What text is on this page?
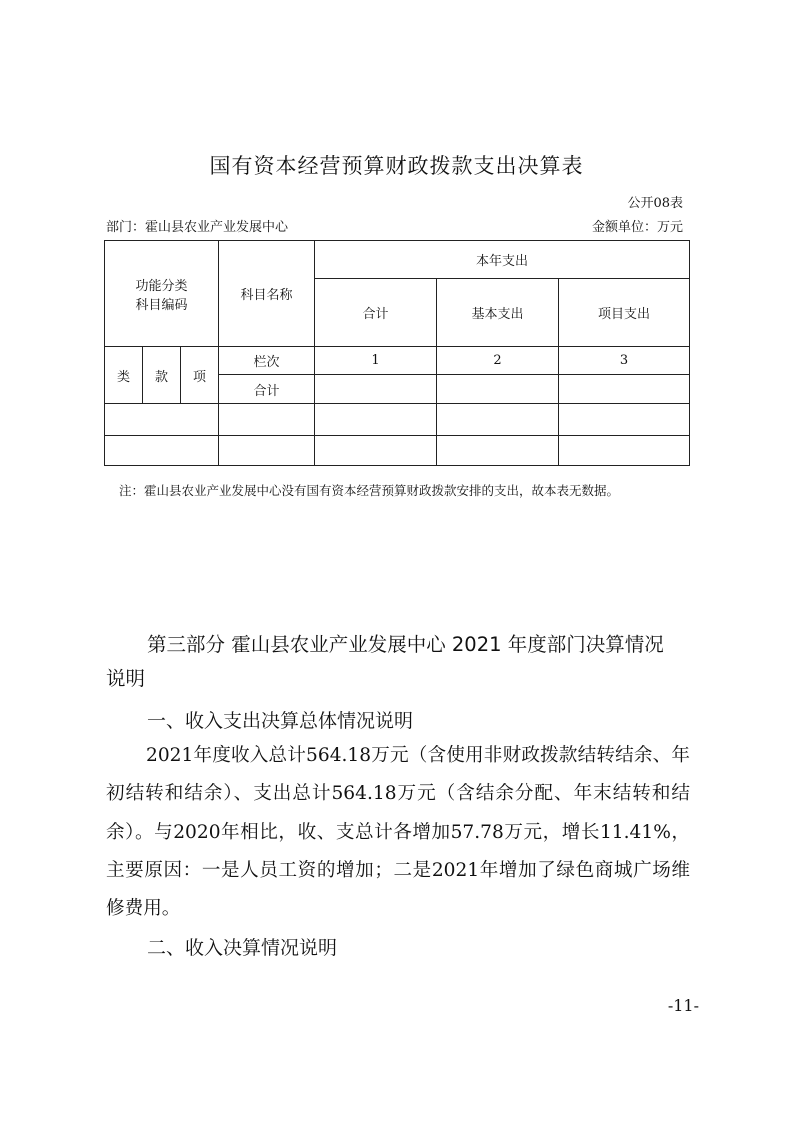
国有资本经营预算财政拨款支出决算表
公开08表
部门：霍山县农业产业发展中心	金额单位：万元
功能分类
科目编码			科目名称	本年支出		
				合计	基本支出	项目支出
类	款	项	栏次	1	2	3
			合计			

注：霍山县农业产业发展中心没有国有资本经营预算财政拨款安排的支出，故本表无数据。
第三部分 霍山县农业产业发展中心 2021 年度部门决算情况
说明
一、收入支出决算总体情况说明
2021年度收入总计564.18万元（含使用非财政拨款结转结余、年初结转和结余）、支出总计564.18万元（含结余分配、年末结转和结余）。与2020年相比，收、支总计各增加57.78万元，增长11.41%，主要原因：一是人员工资的增加；二是2021年增加了绿色商城广场维修费用。
二、收入决算情况说明
-11-
